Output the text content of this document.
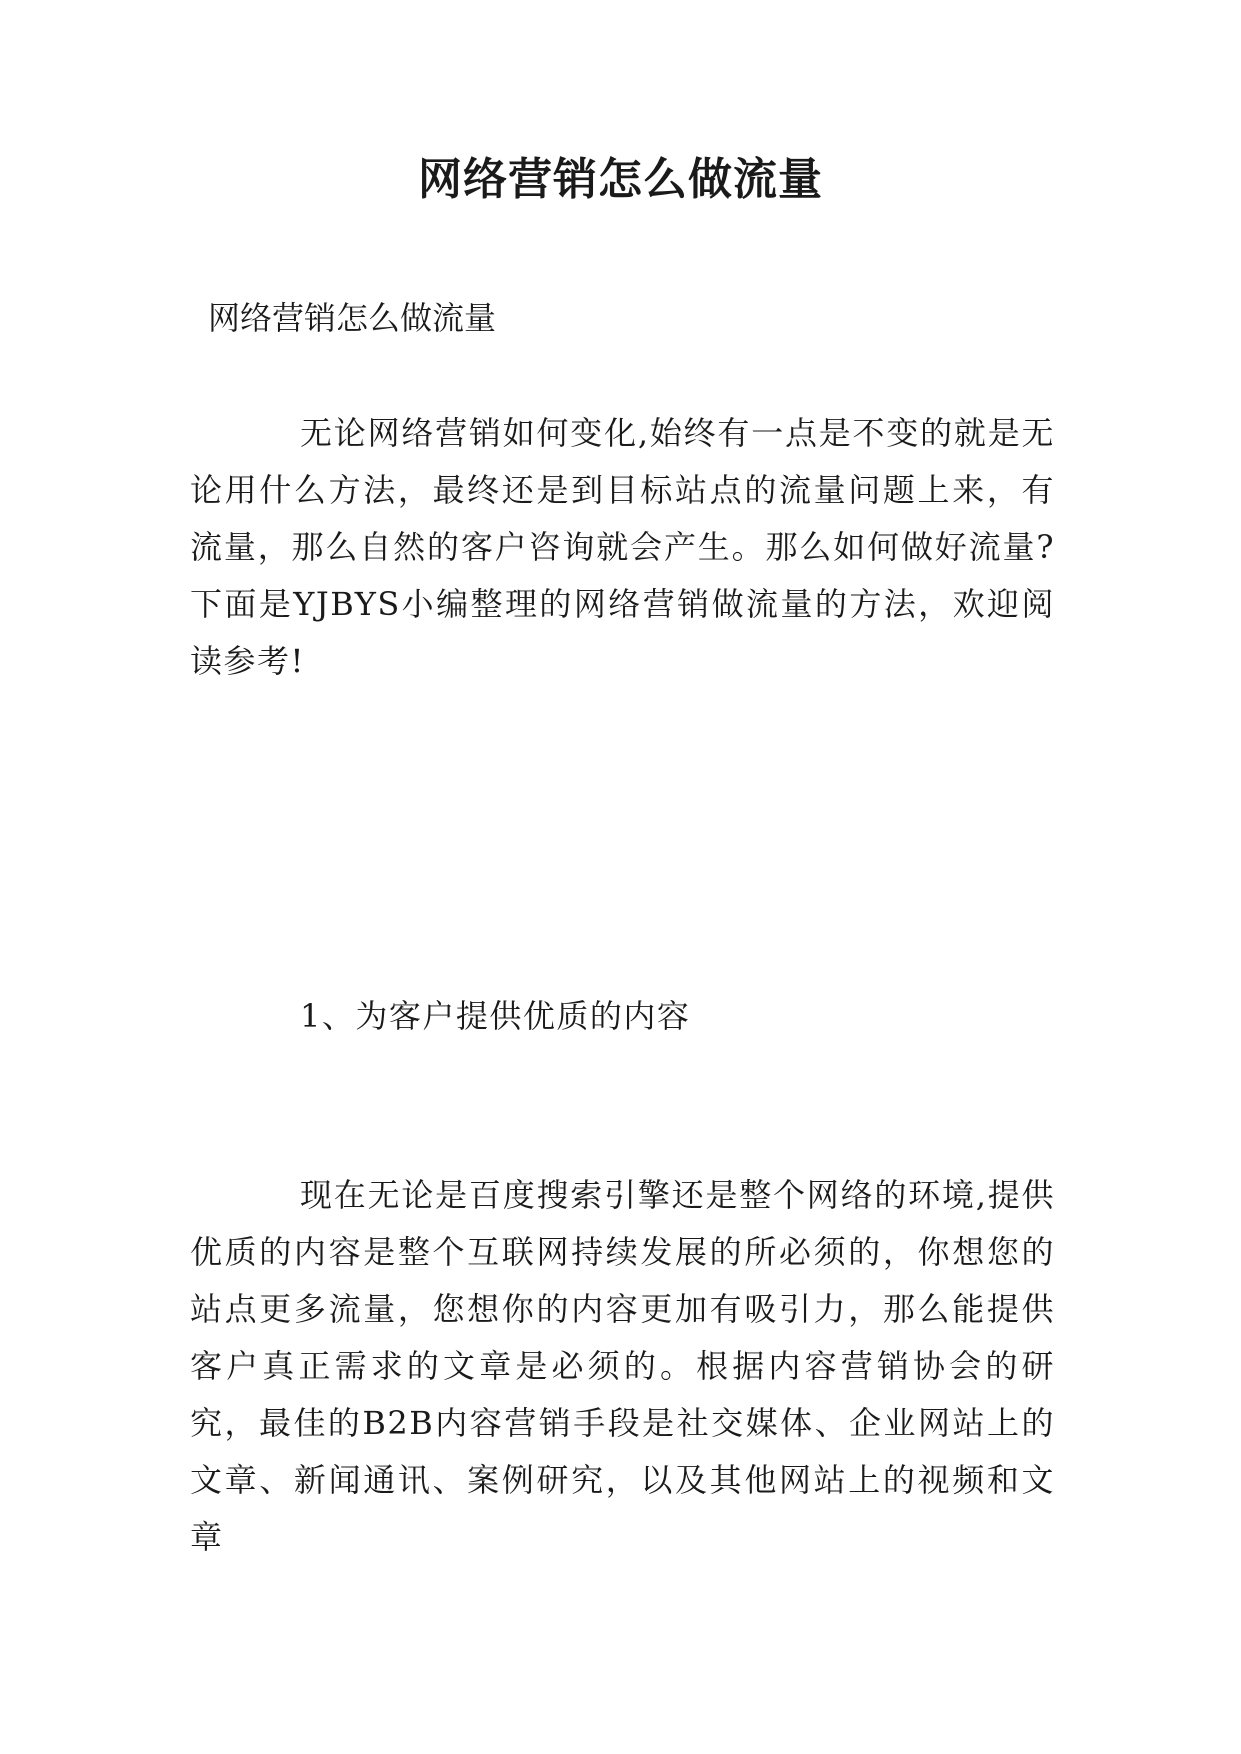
网络营销怎么做流量

网络营销怎么做流量

无论网络营销如何变化,始终有一点是不变的就是无论用什么方法，最终还是到目标站点的流量问题上来，有流量，那么自然的客户咨询就会产生。那么如何做好流量?下面是YJBYS小编整理的网络营销做流量的方法，欢迎阅读参考!

1、为客户提供优质的内容

现在无论是百度搜索引擎还是整个网络的环境,提供优质的内容是整个互联网持续发展的所必须的，你想您的站点更多流量，您想你的内容更加有吸引力，那么能提供客户真正需求的文章是必须的。根据内容营销协会的研究，最佳的B2B内容营销手段是社交媒体、企业网站上的文章、新闻通讯、案例研究，以及其他网站上的视频和文章
